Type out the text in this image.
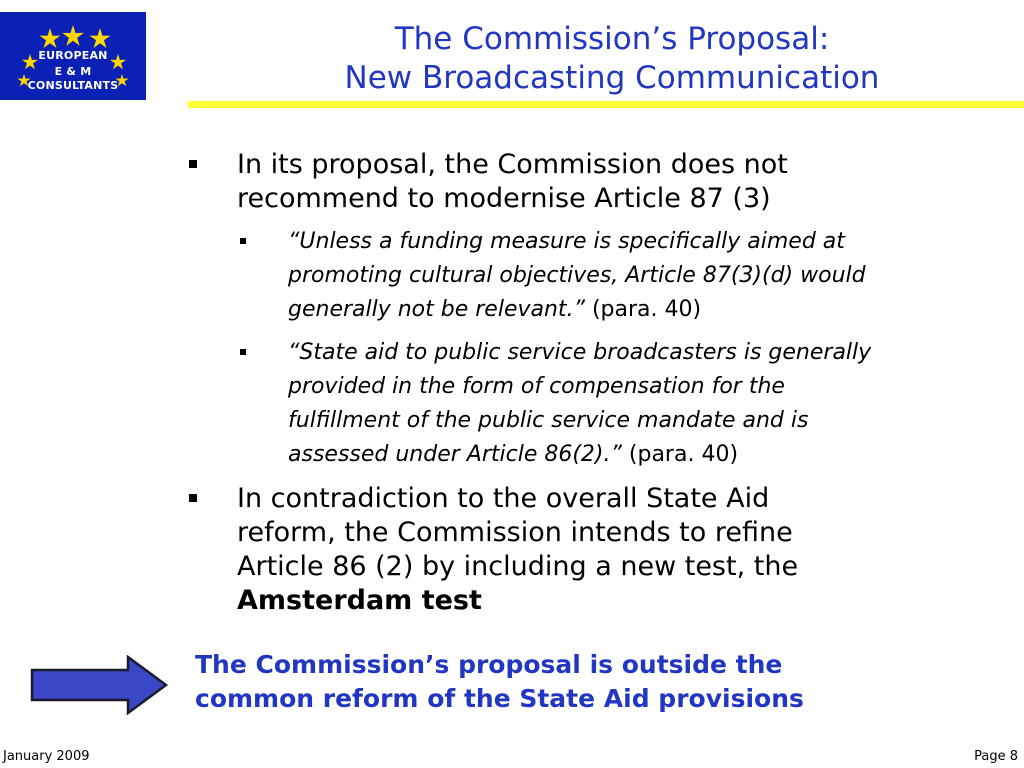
EUROPEAN
E & M
CONSULTANTS
The Commission’s Proposal:
New Broadcasting Communication
In its proposal, the Commission does not
recommend to modernise Article 87 (3)
“Unless a funding measure is specifically aimed at
promoting cultural objectives, Article 87(3)(d) would
generally not be relevant.” (para. 40)
“State aid to public service broadcasters is generally
provided in the form of compensation for the
fulfillment of the public service mandate and is
assessed under Article 86(2).” (para. 40)
In contradiction to the overall State Aid
reform, the Commission intends to refine
Article 86 (2) by including a new test, the
Amsterdam test
The Commission’s proposal is outside the
common reform of the State Aid provisions
January 2009	Page 8
